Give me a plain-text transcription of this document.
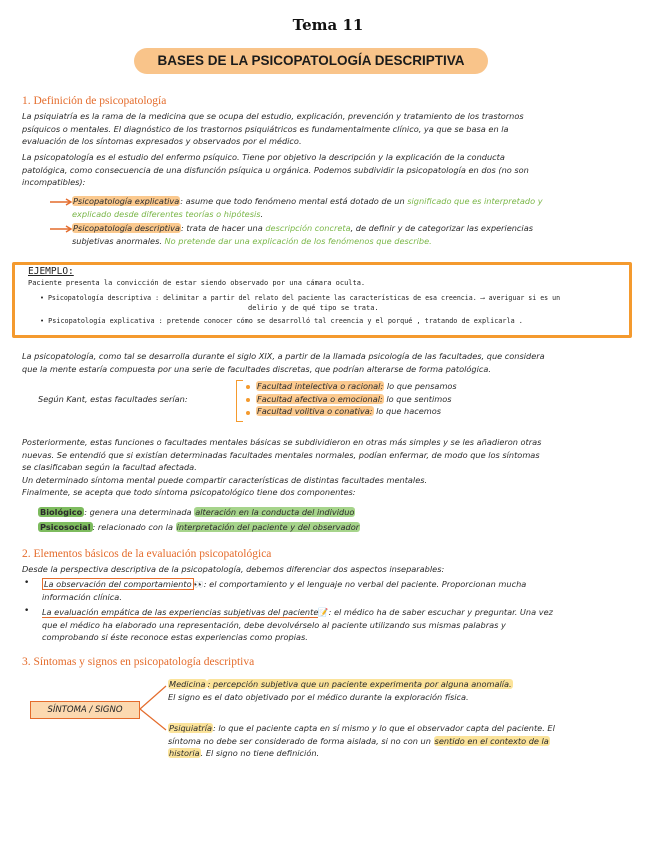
Tema 11
BASES DE LA PSICOPATOLOGÍA DESCRIPTIVA
1. Definición de psicopatología
La psiquiatría es la rama de la medicina que se ocupa del estudio, explicación, prevención y tratamiento de los trastornos
psíquicos o mentales. El diagnóstico de los trastornos psiquiátricos es fundamentalmente clínico, ya que se basa en la
evaluación de los síntomas expresados y observados por el médico.
La psicopatología es el estudio del enfermo psíquico. Tiene por objetivo la descripción y la explicación de la conducta
patológica, como consecuencia de una disfunción psíquica u orgánica. Podemos subdividir la psicopatología en dos (no son
incompatibles):
Psicopatología explicativa: asume que todo fenómeno mental está dotado de un significado que es interpretado y
explicado desde diferentes teorías o hipótesis.
Psicopatología descriptiva: trata de hacer una descripción concreta, de definir y de categorizar las experiencias
subjetivas anormales. No pretende dar una explicación de los fenómenos que describe.
EJEMPLO:
Paciente presenta la convicción de estar siendo observado por una cámara oculta.
• Psicopatología descriptiva : delimitar a partir del relato del paciente las características de esa creencia. ⟶ averiguar si es un
delirio y de qué tipo se trata.
• Psicopatología explicativa : pretende conocer cómo se desarrolló tal creencia y el porqué , tratando de explicarla .
La psicopatología, como tal se desarrolla durante el siglo XIX, a partir de la llamada psicología de las facultades, que considera
que la mente estaría compuesta por una serie de facultades discretas, que podrían alterarse de forma patológica.
Según Kant, estas facultades serían:
Facultad intelectiva o racional: lo que pensamos
Facultad afectiva o emocional: lo que sentimos
Facultad volitiva o conativa: lo que hacemos
Posteriormente, estas funciones o facultades mentales básicas se subdividieron en otras más simples y se les añadieron otras
nuevas. Se entendió que si existían determinadas facultades mentales normales, podían enfermar, de modo que los síntomas
se clasificaban según la facultad afectada.
Un determinado síntoma mental puede compartir características de distintas facultades mentales.
Finalmente, se acepta que todo síntoma psicopatológico tiene dos componentes:
Biológico : genera una determinada alteración en la conducta del individuo
Psicosocial : relacionado con la interpretación del paciente y del observador
2. Elementos básicos de la evaluación psicopatológica
Desde la perspectiva descriptiva de la psicopatología, debemos diferenciar dos aspectos inseparables:
• La observación del comportamiento 👀: el comportamiento y el lenguaje no verbal del paciente. Proporcionan mucha
información clínica.
• La evaluación empática de las experiencias subjetivas del paciente📝: el médico ha de saber escuchar y preguntar. Una vez
que el médico ha elaborado una representación, debe devolvérselo al paciente utilizando sus mismas palabras y
comprobando si éste reconoce estas experiencias como propias.
3. Síntomas y signos en psicopatología descriptiva
SÍNTOMA / SIGNO
Medicina : percepción subjetiva que un paciente experimenta por alguna anomalía.
El signo es el dato objetivado por el médico durante la exploración física.
Psiquiatría: lo que el paciente capta en sí mismo y lo que el observador capta del paciente. El
síntoma no debe ser considerado de forma aislada, si no con un sentido en el contexto de la
historia. El signo no tiene definición.
